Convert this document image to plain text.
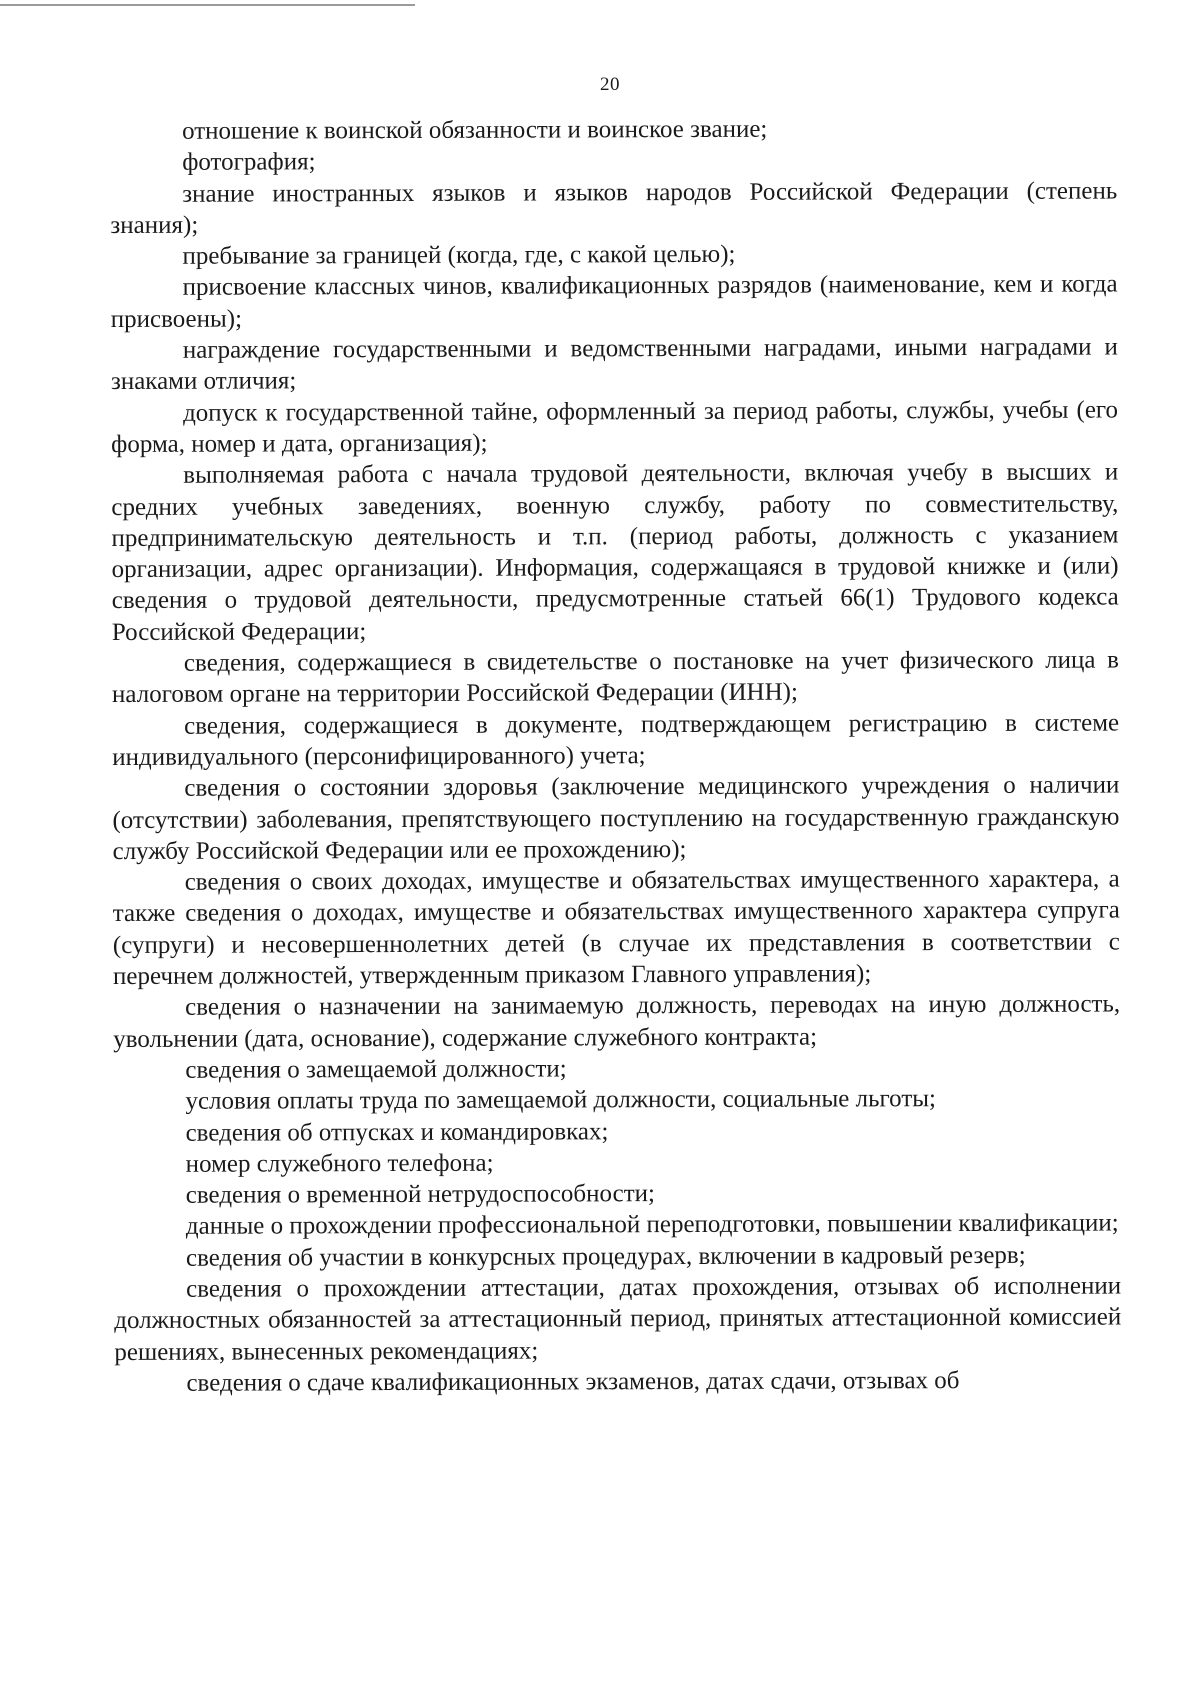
20

отношение к воинской обязанности и воинское звание;

фотография;

знание иностранных языков и языков народов Российской Федерации (степень знания);

пребывание за границей (когда, где, с какой целью);

присвоение классных чинов, квалификационных разрядов (наименование, кем и когда присвоены);

награждение государственными и ведомственными наградами, иными наградами и знаками отличия;

допуск к государственной тайне, оформленный за период работы, службы, учебы (его форма, номер и дата, организация);

выполняемая работа с начала трудовой деятельности, включая учебу в высших и средних учебных заведениях, военную службу, работу по совместительству, предпринимательскую деятельность и т.п. (период работы, должность с указанием организации, адрес организации). Информация, содержащаяся в трудовой книжке и (или) сведения о трудовой деятельности, предусмотренные статьей 66(1) Трудового кодекса Российской Федерации;

сведения, содержащиеся в свидетельстве о постановке на учет физического лица в налоговом органе на территории Российской Федерации (ИНН);

сведения, содержащиеся в документе, подтверждающем регистрацию в системе индивидуального (персонифицированного) учета;

сведения о состоянии здоровья (заключение медицинского учреждения о наличии (отсутствии) заболевания, препятствующего поступлению на государственную гражданскую службу Российской Федерации или ее прохождению);

сведения о своих доходах, имуществе и обязательствах имущественного характера, а также сведения о доходах, имуществе и обязательствах имущественного характера супруга (супруги) и несовершеннолетних детей (в случае их представления в соответствии с перечнем должностей, утвержденным приказом Главного управления);

сведения о назначении на занимаемую должность, переводах на иную должность, увольнении (дата, основание), содержание служебного контракта;

сведения о замещаемой должности;

условия оплаты труда по замещаемой должности, социальные льготы;

сведения об отпусках и командировках;

номер служебного телефона;

сведения о временной нетрудоспособности;

данные о прохождении профессиональной переподготовки, повышении квалификации;

сведения об участии в конкурсных процедурах, включении в кадровый резерв;

сведения о прохождении аттестации, датах прохождения, отзывах об исполнении должностных обязанностей за аттестационный период, принятых аттестационной комиссией решениях, вынесенных рекомендациях;

сведения о сдаче квалификационных экзаменов, датах сдачи, отзывах об
